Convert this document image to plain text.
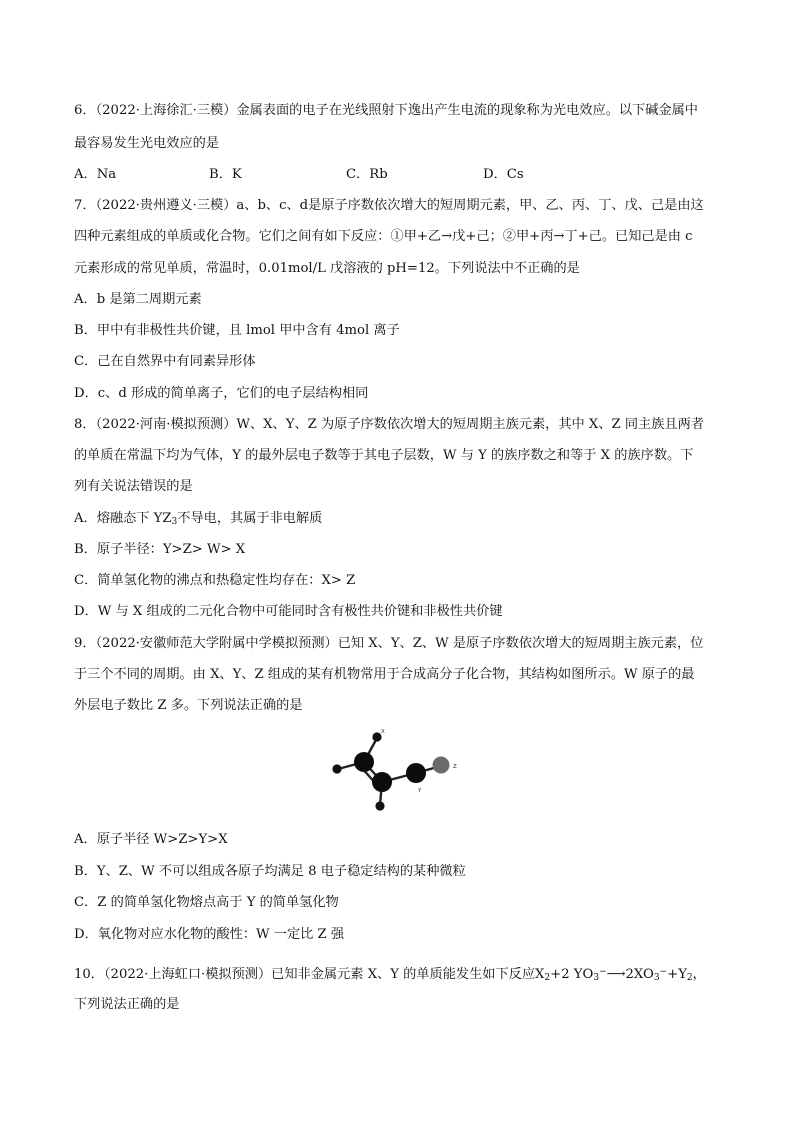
6．（2022·上海徐汇·三模）金属表面的电子在光线照射下逸出产生电流的现象称为光电效应。以下碱金属中
最容易发生光电效应的是
A．Na	B．K	C．Rb	D．Cs
7．（2022·贵州遵义·三模）a、b、c、d是原子序数依次增大的短周期元素，甲、乙、丙、丁、戊、己是由这
四种元素组成的单质或化合物。它们之间有如下反应：①甲+乙→戊+己；②甲+丙→丁+己。已知己是由 c
元素形成的常见单质，常温时，0.01mol/L 戊溶液的 pH=12。下列说法中不正确的是
A．b 是第二周期元素
B．甲中有非极性共价键，且 lmol 甲中含有 4mol 离子
C．己在自然界中有同素异形体
D．c、d 形成的简单离子，它们的电子层结构相同
8．（2022·河南·模拟预测）W、X、Y、Z 为原子序数依次增大的短周期主族元素，其中 X、Z 同主族且两者
的单质在常温下均为气体，Y 的最外层电子数等于其电子层数，W 与 Y 的族序数之和等于 X 的族序数。下
列有关说法错误的是
A．熔融态下 $YZ_3$不导电，其属于非电解质
B．原子半径：Y>Z> W> X
C．简单氢化物的沸点和热稳定性均存在：X> Z
D．W 与 X 组成的二元化合物中可能同时含有极性共价键和非极性共价键
9．（2022·安徽师范大学附属中学模拟预测）已知 X、Y、Z、W 是原子序数依次增大的短周期主族元素，位
于三个不同的周期。由 X、Y、Z 组成的某有机物常用于合成高分子化合物，其结构如图所示。W 原子的最
外层电子数比 Z 多。下列说法正确的是
X
Y
Z
A．原子半径 W>Z>Y>X
B．Y、Z、W 不可以组成各原子均满足 8 电子稳定结构的某种微粒
C．Z 的简单氢化物熔点高于 Y 的简单氢化物
D．氧化物对应水化物的酸性：W 一定比 Z 强
10．（2022·上海虹口·模拟预测）已知非金属元素 X、Y 的单质能发生如下反应$X_2+2$ $YO_3^-⟶2XO_3^-+Y_2$，
下列说法正确的是
